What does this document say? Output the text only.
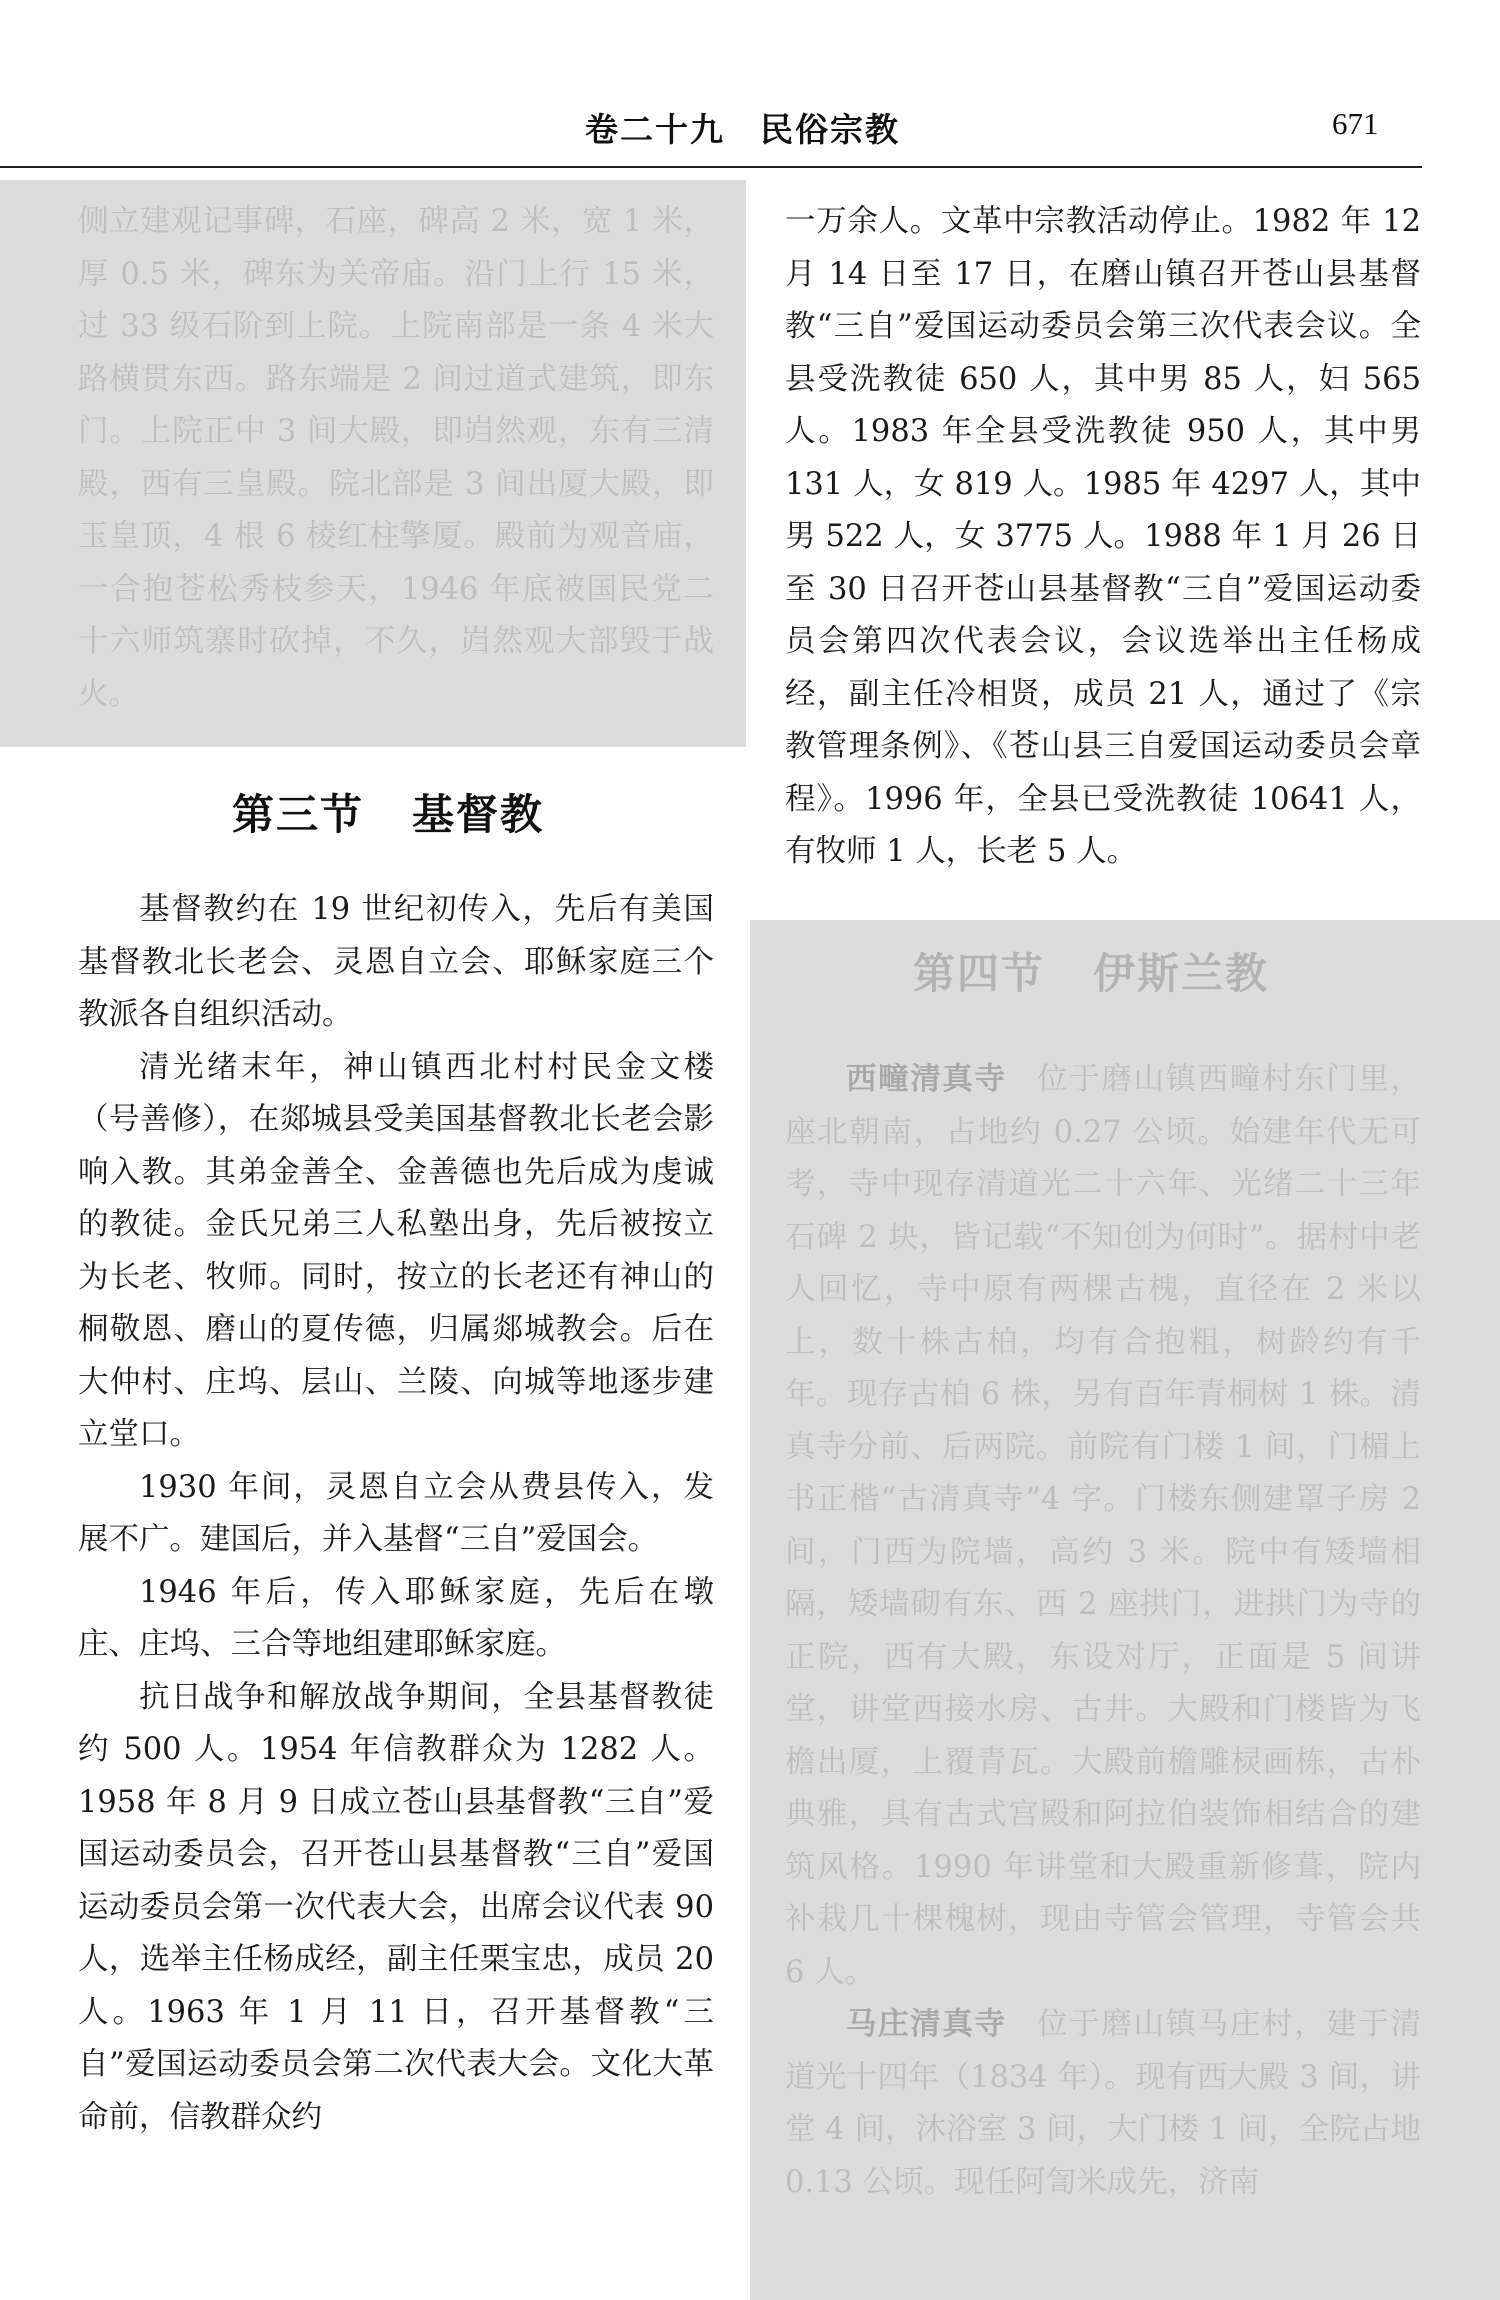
卷二十九　民俗宗教	671

侧立建观记事碑，石座，碑高 2 米，宽 1 米，厚 0.5 米，碑东为关帝庙。沿门上行 15 米，过 33 级石阶到上院。上院南部是一条 4 米大路横贯东西。路东端是 2 间过道式建筑，即东门。上院正中 3 间大殿，即岿然观，东有三清殿，西有三皇殿。院北部是 3 间出厦大殿，即玉皇顶，4 根 6 棱红柱擎厦。殿前为观音庙，一合抱苍松秀枝参天，1946 年底被国民党二十六师筑寨时砍掉，不久，岿然观大部毁于战火。

第三节 基督教

基督教约在 19 世纪初传入，先后有美国基督教北长老会、灵恩自立会、耶稣家庭三个教派各自组织活动。

清光绪末年，神山镇西北村村民金文楼（号善修），在郯城县受美国基督教北长老会影响入教。其弟金善全、金善德也先后成为虔诚的教徒。金氏兄弟三人私塾出身，先后被按立为长老、牧师。同时，按立的长老还有神山的桐敬恩、磨山的夏传德，归属郯城教会。后在大仲村、庄坞、层山、兰陵、向城等地逐步建立堂口。

1930 年间，灵恩自立会从费县传入，发展不广。建国后，并入基督“三自”爱国会。

1946 年后，传入耶稣家庭，先后在墩庄、庄坞、三合等地组建耶稣家庭。

抗日战争和解放战争期间，全县基督教徒约 500 人。1954 年信教群众为 1282 人。1958 年 8 月 9 日成立苍山县基督教“三自”爱国运动委员会，召开苍山县基督教“三自”爱国运动委员会第一次代表大会，出席会议代表 90 人，选举主任杨成经，副主任栗宝忠，成员 20 人。1963 年 1 月 11 日，召开基督教“三自”爱国运动委员会第二次代表大会。文化大革命前，信教群众约

一万余人。文革中宗教活动停止。1982 年 12 月 14 日至 17 日，在磨山镇召开苍山县基督教“三自”爱国运动委员会第三次代表会议。全县受洗教徒 650 人，其中男 85 人，妇 565 人。1983 年全县受洗教徒 950 人，其中男 131 人，女 819 人。1985 年 4297 人，其中男 522 人，女 3775 人。1988 年 1 月 26 日至 30 日召开苍山县基督教“三自”爱国运动委员会第四次代表会议，会议选举出主任杨成经，副主任冷相贤，成员 21 人，通过了《宗教管理条例》、《苍山县三自爱国运动委员会章程》。1996 年，全县已受洗教徒 10641 人，有牧师 1 人，长老 5 人。

第四节 伊斯兰教

西疃清真寺 位于磨山镇西疃村东门里，座北朝南，占地约 0.27 公顷。始建年代无可考，寺中现存清道光二十六年、光绪二十三年石碑 2 块，皆记载“不知创为何时”。据村中老人回忆，寺中原有两棵古槐，直径在 2 米以上，数十株古柏，均有合抱粗，树龄约有千年。现存古柏 6 株，另有百年青桐树 1 株。清真寺分前、后两院。前院有门楼 1 间，门楣上书正楷“古清真寺”4 字。门楼东侧建罩子房 2 间，门西为院墙，高约 3 米。院中有矮墙相隔，矮墙砌有东、西 2 座拱门，进拱门为寺的正院，西有大殿，东设对厅，正面是 5 间讲堂，讲堂西接水房、古井。大殿和门楼皆为飞檐出厦，上覆青瓦。大殿前檐雕棂画栋，古朴典雅，具有古式宫殿和阿拉伯装饰相结合的建筑风格。1990 年讲堂和大殿重新修葺，院内补栽几十棵槐树，现由寺管会管理，寺管会共 6 人。

马庄清真寺 位于磨山镇马庄村，建于清道光十四年（1834 年）。现有西大殿 3 间，讲堂 4 间，沐浴室 3 间，大门楼 1 间，全院占地 0.13 公顷。现任阿訇米成先，济南
